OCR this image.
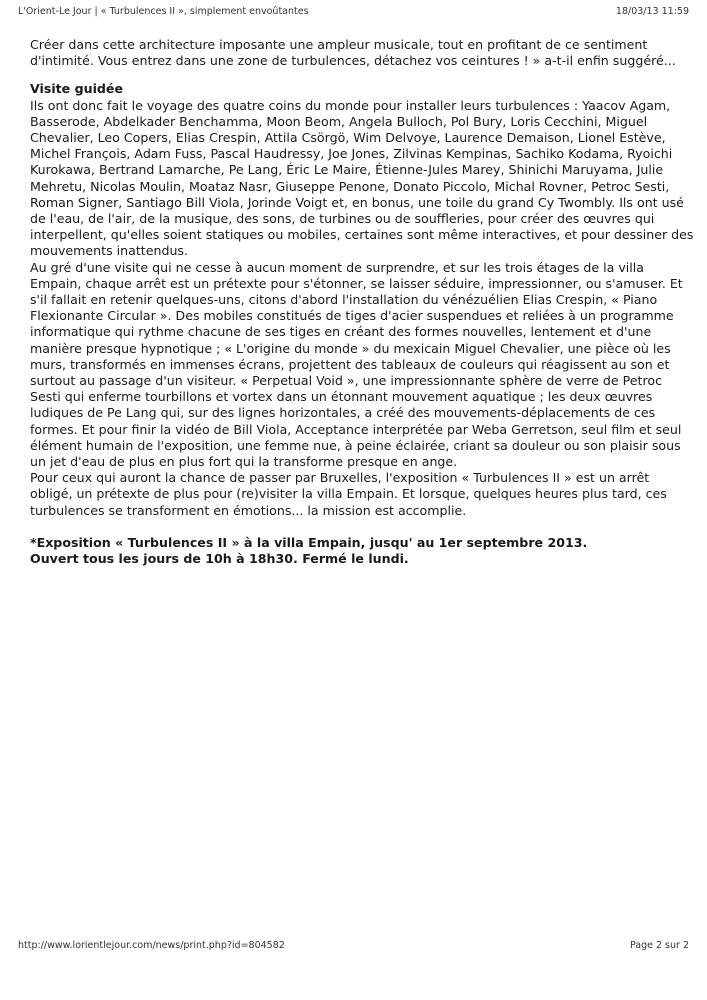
L'Orient-Le Jour | « Turbulences II », simplement envoûtantes	18/03/13 11:59

Créer dans cette architecture imposante une ampleur musicale, tout en profitant de ce sentiment d'intimité. Vous entrez dans une zone de turbulences, détachez vos ceintures ! » a-t-il enfin suggéré...

Visite guidée

Ils ont donc fait le voyage des quatre coins du monde pour installer leurs turbulences : Yaacov Agam, Basserode, Abdelkader Benchamma, Moon Beom, Angela Bulloch, Pol Bury, Loris Cecchini, Miguel Chevalier, Leo Copers, Elias Crespin, Attila Csörgö, Wim Delvoye, Laurence Demaison, Lionel Estève, Michel François, Adam Fuss, Pascal Haudressy, Joe Jones, Zilvinas Kempinas, Sachiko Kodama, Ryoichi Kurokawa, Bertrand Lamarche, Pe Lang, Éric Le Maire, Étienne-Jules Marey, Shinichi Maruyama, Julie Mehretu, Nicolas Moulin, Moataz Nasr, Giuseppe Penone, Donato Piccolo, Michal Rovner, Petroc Sesti, Roman Signer, Santiago Bill Viola, Jorinde Voigt et, en bonus, une toile du grand Cy Twombly. Ils ont usé de l'eau, de l'air, de la musique, des sons, de turbines ou de souffleries, pour créer des œuvres qui interpellent, qu'elles soient statiques ou mobiles, certaines sont même interactives, et pour dessiner des mouvements inattendus.

Au gré d'une visite qui ne cesse à aucun moment de surprendre, et sur les trois étages de la villa Empain, chaque arrêt est un prétexte pour s'étonner, se laisser séduire, impressionner, ou s'amuser. Et s'il fallait en retenir quelques-uns, citons d'abord l'installation du vénézuélien Elias Crespin, « Piano Flexionante Circular ». Des mobiles constitués de tiges d'acier suspendues et reliées à un programme informatique qui rythme chacune de ses tiges en créant des formes nouvelles, lentement et d'une manière presque hypnotique ; « L'origine du monde » du mexicain Miguel Chevalier, une pièce où les murs, transformés en immenses écrans, projettent des tableaux de couleurs qui réagissent au son et surtout au passage d'un visiteur. « Perpetual Void », une impressionnante sphère de verre de Petroc Sesti qui enferme tourbillons et vortex dans un étonnant mouvement aquatique ; les deux œuvres ludiques de Pe Lang qui, sur des lignes horizontales, a créé des mouvements-déplacements de ces formes. Et pour finir la vidéo de Bill Viola, Acceptance interprétée par Weba Gerretson, seul film et seul élément humain de l'exposition, une femme nue, à peine éclairée, criant sa douleur ou son plaisir sous un jet d'eau de plus en plus fort qui la transforme presque en ange.

Pour ceux qui auront la chance de passer par Bruxelles, l'exposition « Turbulences II » est un arrêt obligé, un prétexte de plus pour (re)visiter la villa Empain. Et lorsque, quelques heures plus tard, ces turbulences se transforment en émotions... la mission est accomplie.

*Exposition « Turbulences II » à la villa Empain, jusqu' au 1er septembre 2013.
Ouvert tous les jours de 10h à 18h30. Fermé le lundi.

http://www.lorientlejour.com/news/print.php?id=804582	Page 2 sur 2
